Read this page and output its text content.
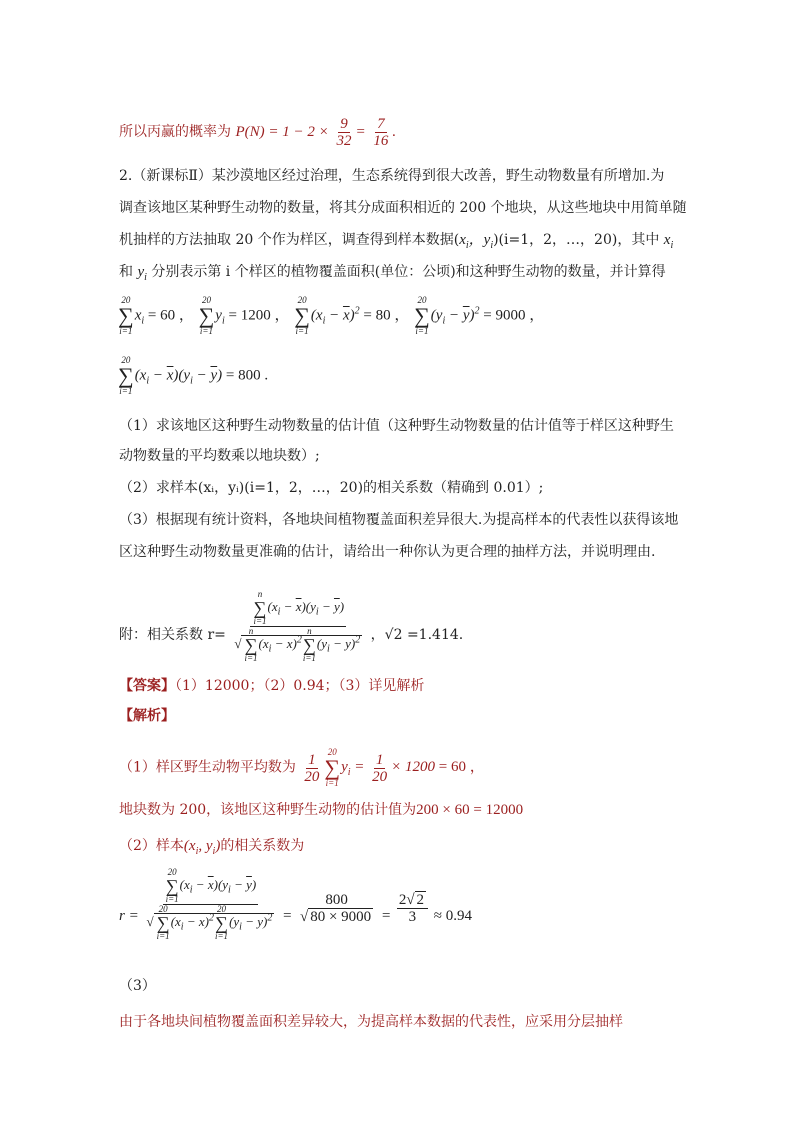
所以丙赢的概率为 $P(N) = 1 - 2 \times \frac{9}{32} = \frac{7}{16}$ .
2.（新课标Ⅱ）某沙漠地区经过治理，生态系统得到很大改善，野生动物数量有所增加.为
调查该地区某种野生动物的数量，将其分成面积相近的 200 个地块，从这些地块中用简单随
机抽样的方法抽取 20 个作为样区，调查得到样本数据($x_i$，$y_i)(i=1$，2，…，20)，其中 $x_i$
和 $y_i$ 分别表示第 i 个样区的植物覆盖面积(单位：公顷)和这种野生动物的数量，并计算得
20
∑
i=1
$x_i = 60$ ，
20
∑
i=1
$y_i = 1200$ ，
20
∑
i=1
$(x_i - \overline{x})^2 = 80$ ，
20
∑
i=1
$(y_i - \overline{y})^2 = 9000$ ，
20
∑
i=1
$(x_i - \overline{x})(y_i - \overline{y}) = 800$ .
（1）求该地区这种野生动物数量的估计值（这种野生动物数量的估计值等于样区这种野生
动物数量的平均数乘以地块数）;
（2）求样本(xᵢ，yᵢ)(i=1，2，…，20)的相关系数（精确到 0.01）;
（3）根据现有统计资料，各地块间植物覆盖面积差异很大.为提高样本的代表性以获得该地
区这种野生动物数量更准确的估计，请给出一种你认为更合理的抽样方法，并说明理由.
附：相关系数 r= n
∑
i=1
$(x_i - \overline{x})(y_i - \overline{y})$
√
n
∑
i=1
$(x_i - \overline{x})^2$
n
∑
i=1
$(y_i - \overline{y})^2$ ，√2 =1.414.
【答案】（1）12000；（2）0.94；（3）详见解析
【解析】
（1）样区野生动物平均数为 $\frac{1}{20} 20$
∑
i=1
$y_i = \frac{1}{20} \times 1200 = 60$ ，
地块数为 200，该地区这种野生动物的估计值为200 × 60 = 12000
（2）样本($x_i$, $y_i$)的相关系数为
r = 20
∑
i=1
$(x_i - \overline{x})(y_i - \overline{y})$
√
20
∑
i=1
$(x_i - \overline{x})^2$
20
∑
i=1
$(y_i - \overline{y})^2 = \frac{800}{√ 80 \times 9000} = \frac{2√ 2}{3} \approx 0.94$
（3）
由于各地块间植物覆盖面积差异较大，为提高样本数据的代表性，应采用分层抽样
